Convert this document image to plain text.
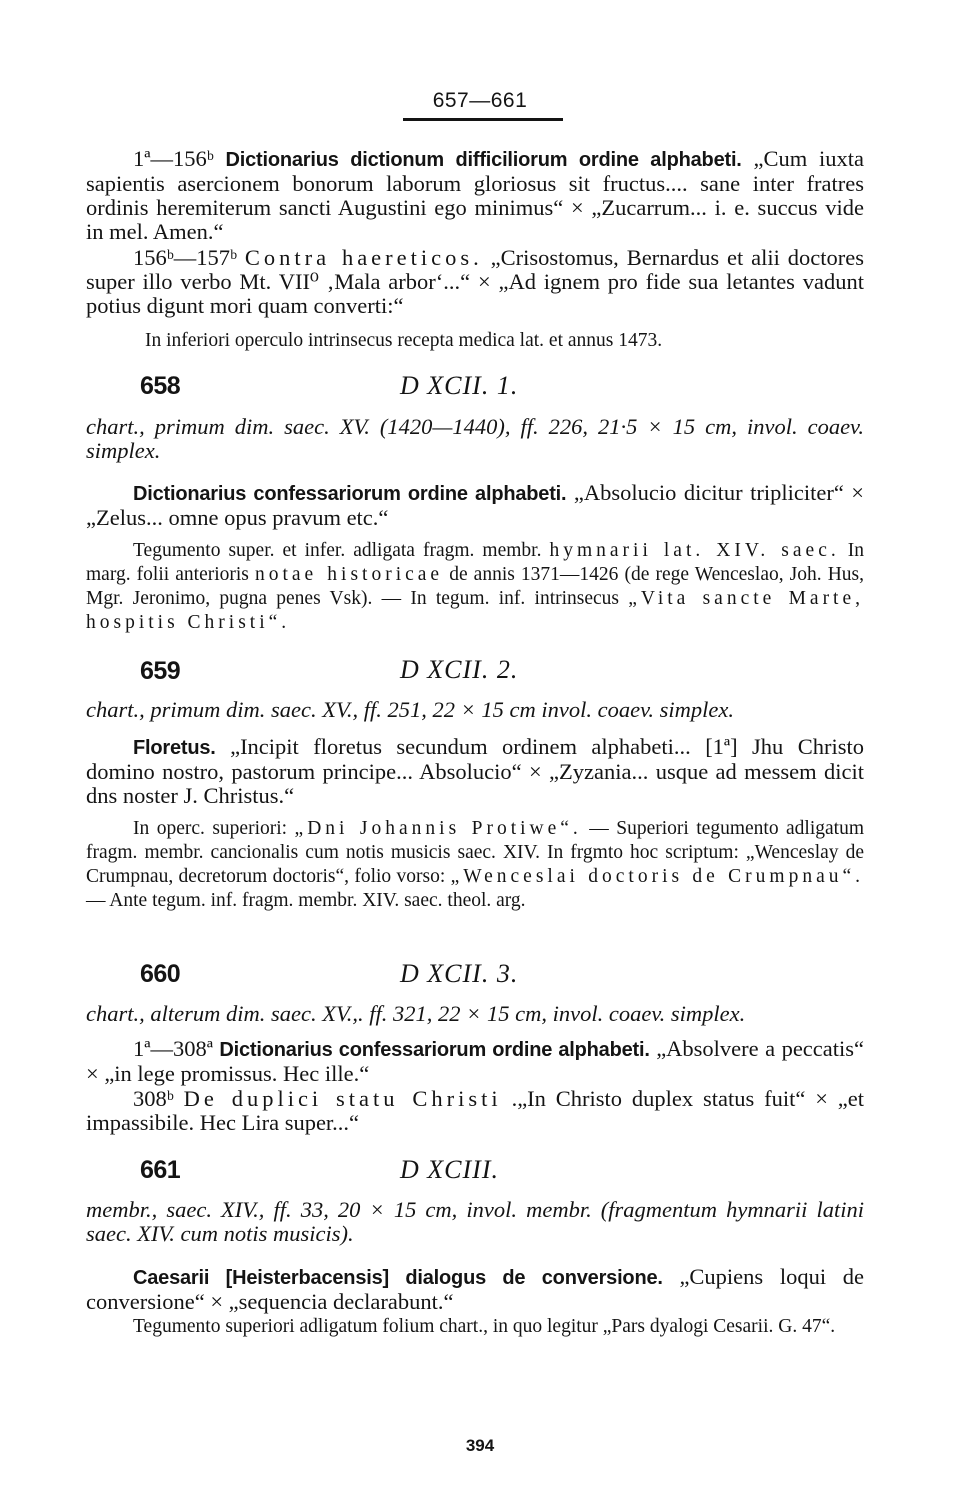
657—661
1ª—156ᵇ Dictionarius dictionum difficiliorum ordine alphabeti. „Cum iuxta sapientis asercionem bonorum laborum gloriosus sit fructus.... sane inter fratres ordinis heremiterum sancti Augustini ego minimus“ × „Zucarrum... i. e. succus vide in mel. Amen.“
156ᵇ—157ᵇ Contra haereticos. „Crisostomus, Bernardus et alii doctores super illo verbo Mt. VII⁰ ‚Mala arbor‘...“ × „Ad ignem pro fide sua letantes vadunt potius digunt mori quam converti:“
In inferiori operculo intrinsecus recepta medica lat. et annus 1473.
658	D XCII. 1.
chart., primum dim. saec. XV. (1420—1440), ff. 226, 21·5 × 15 cm, invol. coaev. simplex.
Dictionarius confessariorum ordine alphabeti. „Absolucio dicitur tripliciter“ × „Zelus... omne opus pravum etc.“
Tegumento super. et infer. adligata fragm. membr. hymnarii lat. XIV. saec. In marg. folii anterioris notae historicae de annis 1371—1426 (de rege Wenceslao, Joh. Hus, Mgr. Jeronimo, pugna penes Vsk). — In tegum. inf. intrinsecus „Vita sancte Marte, hospitis Christi“.
659	D XCII. 2.
chart., primum dim. saec. XV., ff. 251, 22 × 15 cm invol. coaev. simplex.
Floretus. „Incipit floretus secundum ordinem alphabeti... [1ª] Jhu Christo domino nostro, pastorum principe... Absolucio“ × „Zyzania... usque ad messem dicit dns noster J. Christus.“
In operc. superiori: „Dni Johannis Protiwe“. — Superiori tegumento adligatum fragm. membr. cancionalis cum notis musicis saec. XIV. In frgmto hoc scriptum: „Wenceslay de Crumpnau, decretorum doctoris“, folio vorso: „Wenceslai doctoris de Crumpnau“. — Ante tegum. inf. fragm. membr. XIV. saec. theol. arg.
660	D XCII. 3.
chart., alterum dim. saec. XV.,. ff. 321, 22 × 15 cm, invol. coaev. simplex.
1ª—308ª Dictionarius confessariorum ordine alphabeti. „Absolvere a peccatis“ × „in lege promissus. Hec ille.“
308ᵇ De duplici statu Christi .„In Christo duplex status fuit“ × „et impassibile. Hec Lira super...“
661	D XCIII.
membr., saec. XIV., ff. 33, 20 × 15 cm, invol. membr. (fragmentum hymnarii latini saec. XIV. cum notis musicis).
Caesarii [Heisterbacensis] dialogus de conversione. „Cupiens loqui de conversione“ × „sequencia declarabunt.“
Tegumento superiori adligatum folium chart., in quo legitur „Pars dyalogi Cesarii. G. 47“.
394
